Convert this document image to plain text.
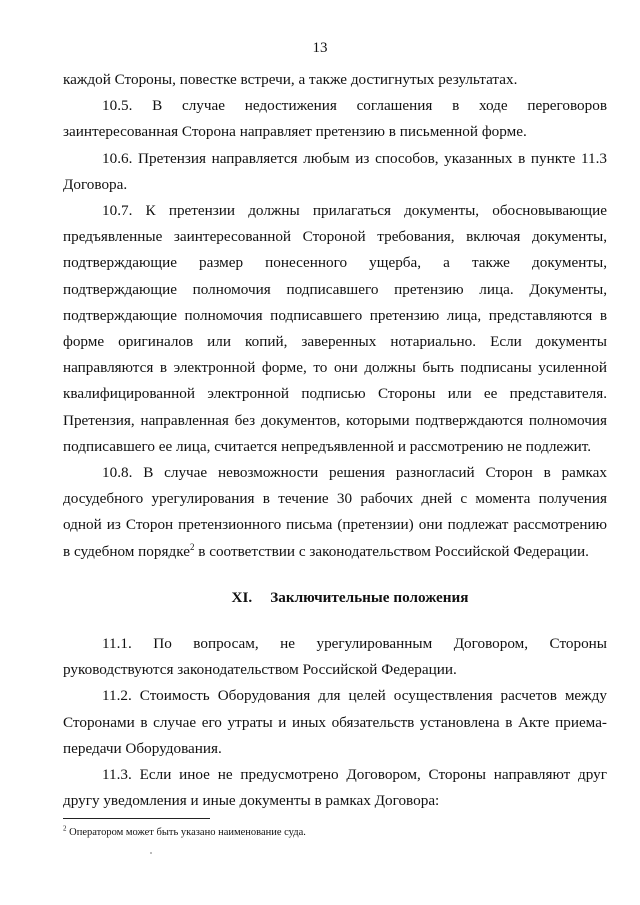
13

каждой Стороны, повестке встречи, а также достигнутых результатах.

10.5. В случае недостижения соглашения в ходе переговоров заинтересованная Сторона направляет претензию в письменной форме.

10.6. Претензия направляется любым из способов, указанных в пункте 11.3 Договора.

10.7. К претензии должны прилагаться документы, обосновывающие предъявленные заинтересованной Стороной требования, включая документы, подтверждающие размер понесенного ущерба, а также документы, подтверждающие полномочия подписавшего претензию лица. Документы, подтверждающие полномочия подписавшего претензию лица, представляются в форме оригиналов или копий, заверенных нотариально. Если документы направляются в электронной форме, то они должны быть подписаны усиленной квалифицированной электронной подписью Стороны или ее представителя. Претензия, направленная без документов, которыми подтверждаются полномочия подписавшего ее лица, считается непредъявленной и рассмотрению не подлежит.

10.8. В случае невозможности решения разногласий Сторон в рамках досудебного урегулирования в течение 30 рабочих дней с момента получения одной из Сторон претензионного письма (претензии) они подлежат рассмотрению в судебном порядке$^2$ в соответствии с законодательством Российской Федерации.

XI. Заключительные положения

11.1. По вопросам, не урегулированным Договором, Стороны руководствуются законодательством Российской Федерации.

11.2. Стоимость Оборудования для целей осуществления расчетов между Сторонами в случае его утраты и иных обязательств установлена в Акте приема-передачи Оборудования.

11.3. Если иное не предусмотрено Договором, Стороны направляют друг другу уведомления и иные документы в рамках Договора:

$^2$ Оператором может быть указано наименование суда.
